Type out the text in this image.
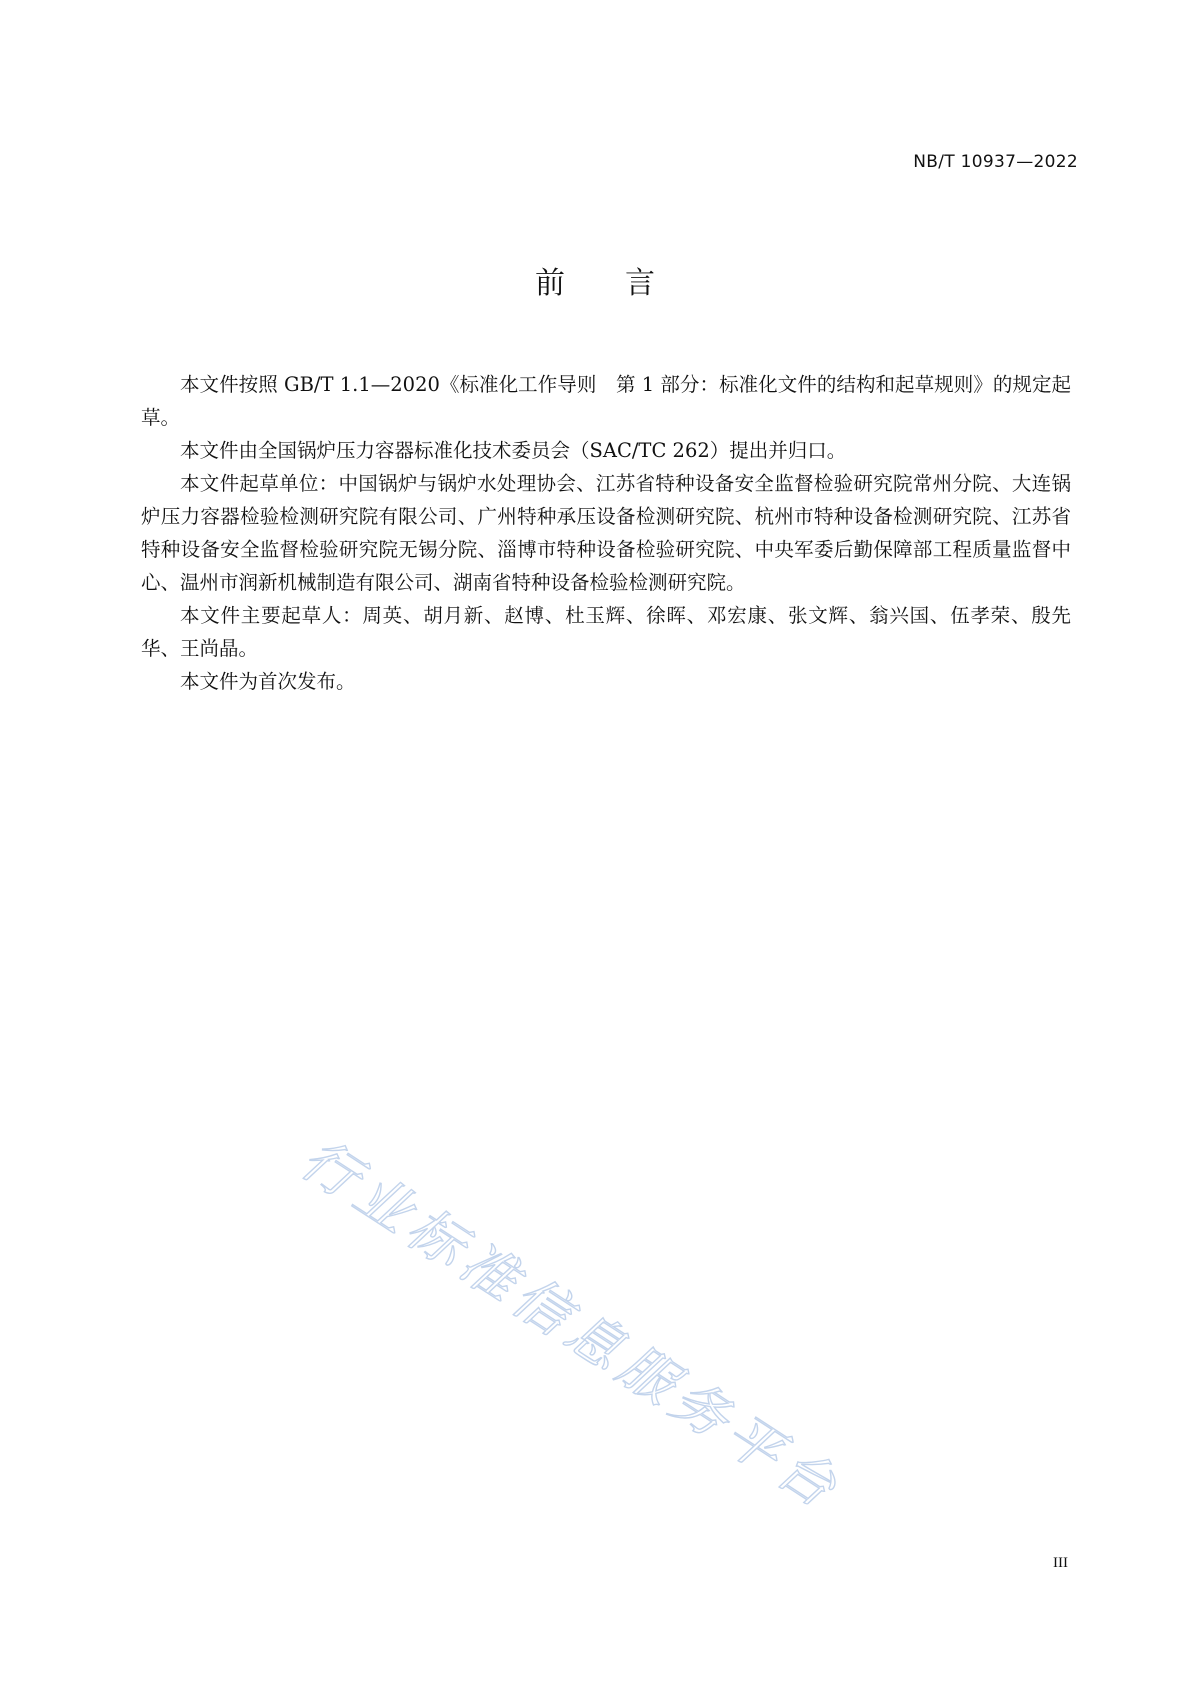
NB/T 10937—2022
前 言

本文件按照 GB/T 1.1—2020《标准化工作导则　第 1 部分：标准化文件的结构和起草规则》的规定起草。

本文件由全国锅炉压力容器标准化技术委员会（SAC/TC 262）提出并归口。

本文件起草单位：中国锅炉与锅炉水处理协会、江苏省特种设备安全监督检验研究院常州分院、大连锅炉压力容器检验检测研究院有限公司、广州特种承压设备检测研究院、杭州市特种设备检测研究院、江苏省特种设备安全监督检验研究院无锡分院、淄博市特种设备检验研究院、中央军委后勤保障部工程质量监督中心、温州市润新机械制造有限公司、湖南省特种设备检验检测研究院。

本文件主要起草人：周英、胡月新、赵博、杜玉辉、徐晖、邓宏康、张文辉、翁兴国、伍孝荣、殷先华、王尚晶。

本文件为首次发布。

行业标准信息服务平台
III
